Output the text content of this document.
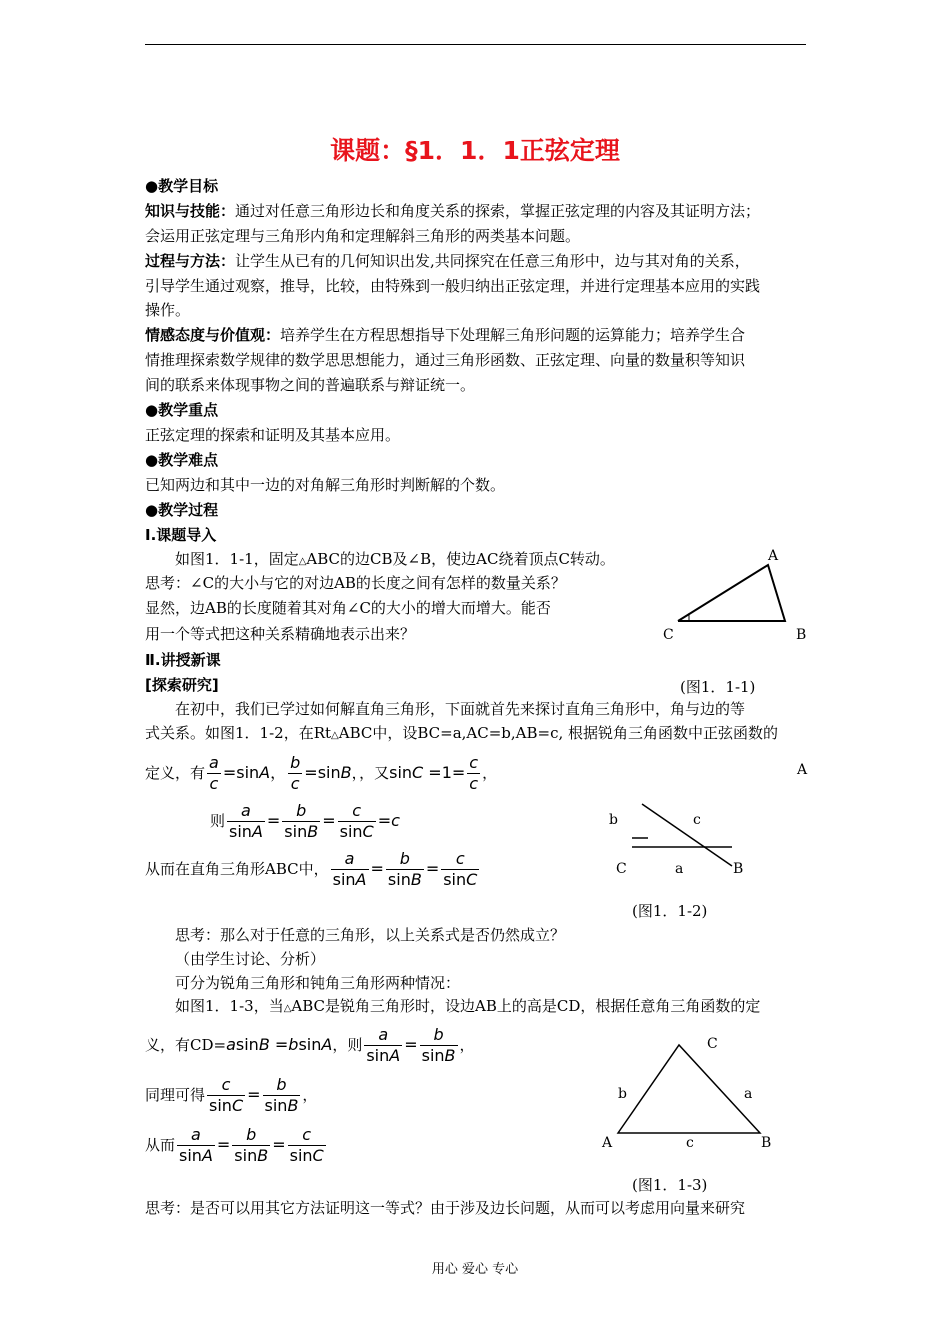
课题：§1．1．1正弦定理
●教学目标
知识与技能：通过对任意三角形边长和角度关系的探索，掌握正弦定理的内容及其证明方法；
会运用正弦定理与三角形内角和定理解斜三角形的两类基本问题。
过程与方法：让学生从已有的几何知识出发,共同探究在任意三角形中，边与其对角的关系，
引导学生通过观察，推导，比较，由特殊到一般归纳出正弦定理，并进行定理基本应用的实践
操作。
情感态度与价值观：培养学生在方程思想指导下处理解三角形问题的运算能力；培养学生合
情推理探索数学规律的数学思思想能力，通过三角形函数、正弦定理、向量的数量积等知识
间的联系来体现事物之间的普遍联系与辩证统一。
●教学重点
正弦定理的探索和证明及其基本应用。
●教学难点
已知两边和其中一边的对角解三角形时判断解的个数。
●教学过程
Ⅰ.课题导入
如图1．1-1，固定△ABC的边CB及∠B，使边AC绕着顶点C转动。
思考：∠C的大小与它的对边AB的长度之间有怎样的数量关系？
显然，边AB的长度随着其对角∠C的大小的增大而增大。能否
用一个等式把这种关系精确地表示出来？
A
C	B
Ⅱ.讲授新课
[探索研究]	(图1．1-1)
在初中，我们已学过如何解直角三角形，下面就首先来探讨直角三角形中，角与边的等
式关系。如图1．1-2，在Rt△ABC中，设BC=a,AC=b,AB=c, 根据锐角三角函数中正弦函数的
定义，有 $\frac{a}{c} =\sin A$， $\frac{b}{c} =\sin B$，，又$\sin C =1= \frac{c}{c}$ ，	A
则 $\frac{a}{\sin A} = \frac{b}{\sin B} = \frac{c}{\sin C} =c$
从而在直角三角形ABC中， $\frac{a}{\sin A} = \frac{b}{\sin B} = \frac{c}{\sin C}$
b	c
C	a	B
(图1．1-2)
思考：那么对于任意的三角形，以上关系式是否仍然成立？
（由学生讨论、分析）
可分为锐角三角形和钝角三角形两种情况：
如图1．1-3，当△ABC是锐角三角形时，设边AB上的高是CD，根据任意角三角函数的定
义，有CD=asinB =bsinA，则 $\frac{a}{\sin A} = \frac{b}{\sin B}$ ，
同理可得 $\frac{c}{\sin C} = \frac{b}{\sin B}$ ，
从而 $\frac{a}{\sin A} = \frac{b}{\sin B} = \frac{c}{\sin C}$
C
b	a
A	c	B
(图1．1-3)
思考：是否可以用其它方法证明这一等式？由于涉及边长问题，从而可以考虑用向量来研究
用心 爱心 专心
